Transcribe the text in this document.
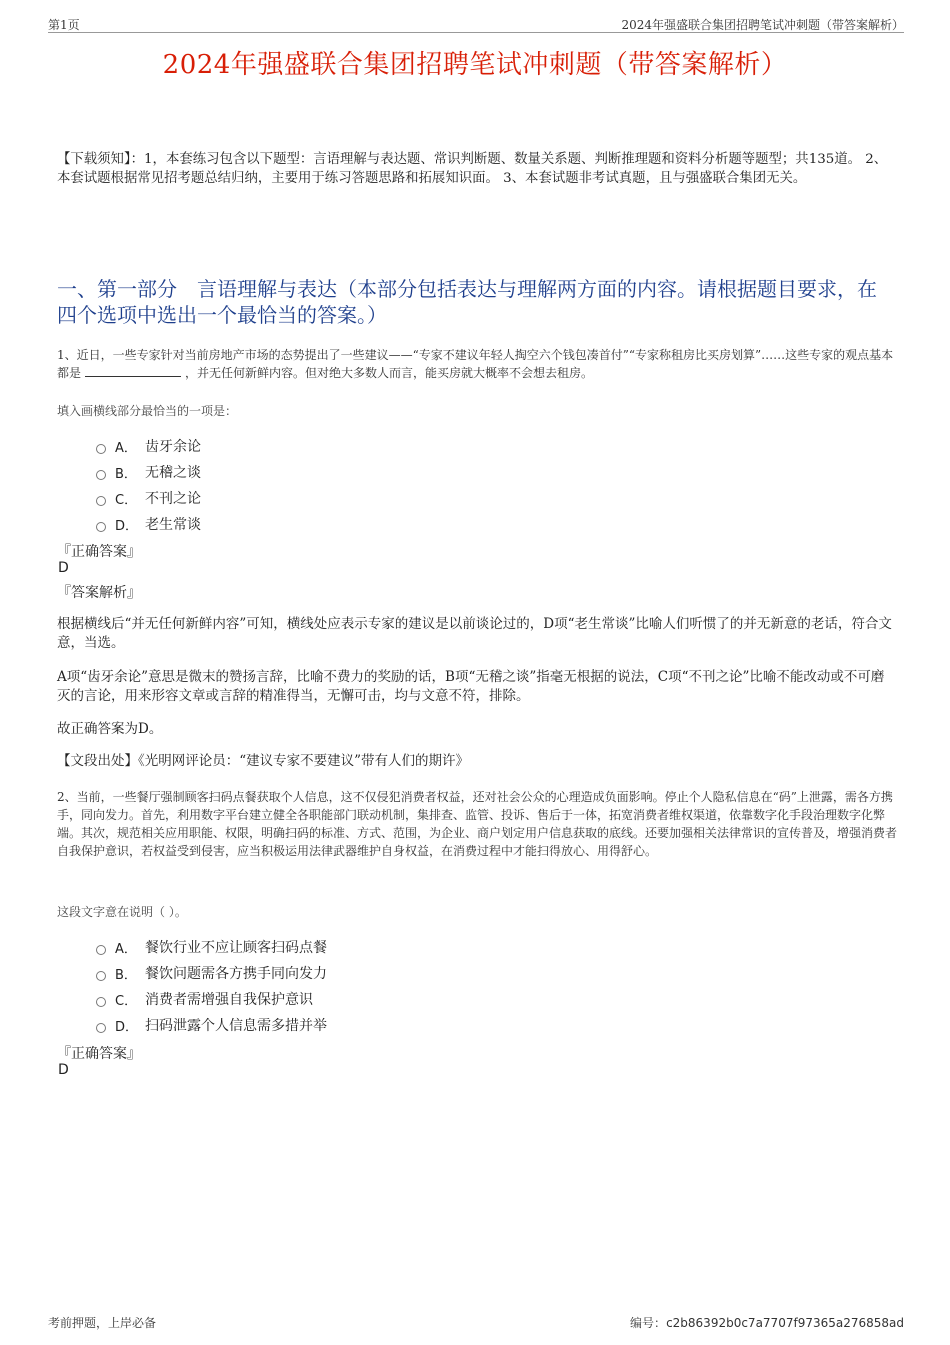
第1页	2024年强盛联合集团招聘笔试冲刺题（带答案解析）
2024年强盛联合集团招聘笔试冲刺题（带答案解析）
【下载须知】：1，本套练习包含以下题型：言语理解与表达题、常识判断题、数量关系题、判断推理题和资料分析题等题型；共135道。 2、本套试题根据常见招考题总结归纳，主要用于练习答题思路和拓展知识面。 3、本套试题非考试真题，且与强盛联合集团无关。
一、第一部分　言语理解与表达（本部分包括表达与理解两方面的内容。请根据题目要求，在四个选项中选出一个最恰当的答案。）
1、近日，一些专家针对当前房地产市场的态势提出了一些建议——“专家不建议年轻人掏空六个钱包凑首付”“专家称租房比买房划算”……这些专家的观点基本都是	，并无任何新鲜内容。但对绝大多数人而言，能买房就大概率不会想去租房。
填入画横线部分最恰当的一项是：
A． 齿牙余论
B． 无稽之谈
C． 不刊之论
D． 老生常谈
『正确答案』
D
『答案解析』
根据横线后“并无任何新鲜内容”可知，横线处应表示专家的建议是以前谈论过的，D项“老生常谈”比喻人们听惯了的并无新意的老话，符合文意，当选。
A项“齿牙余论”意思是微末的赞扬言辞，比喻不费力的奖励的话，B项“无稽之谈”指毫无根据的说法，C项“不刊之论”比喻不能改动或不可磨灭的言论，用来形容文章或言辞的精准得当，无懈可击，均与文意不符，排除。
故正确答案为D。
【文段出处】《光明网评论员：“建议专家不要建议”带有人们的期许》
2、当前，一些餐厅强制顾客扫码点餐获取个人信息，这不仅侵犯消费者权益，还对社会公众的心理造成负面影响。停止个人隐私信息在“码”上泄露，需各方携手，同向发力。首先，利用数字平台建立健全各职能部门联动机制，集排查、监管、投诉、售后于一体，拓宽消费者维权渠道，依靠数字化手段治理数字化弊端。其次，规范相关应用职能、权限，明确扫码的标准、方式、范围，为企业、商户划定用户信息获取的底线。还要加强相关法律常识的宣传普及，增强消费者自我保护意识，若权益受到侵害，应当积极运用法律武器维护自身权益，在消费过程中才能扫得放心、用得舒心。
这段文字意在说明（ ）。
A． 餐饮行业不应让顾客扫码点餐
B． 餐饮问题需各方携手同向发力
C． 消费者需增强自我保护意识
D． 扫码泄露个人信息需多措并举
『正确答案』
D
考前押题，上岸必备	编号：c2b86392b0c7a7707f97365a276858ad
